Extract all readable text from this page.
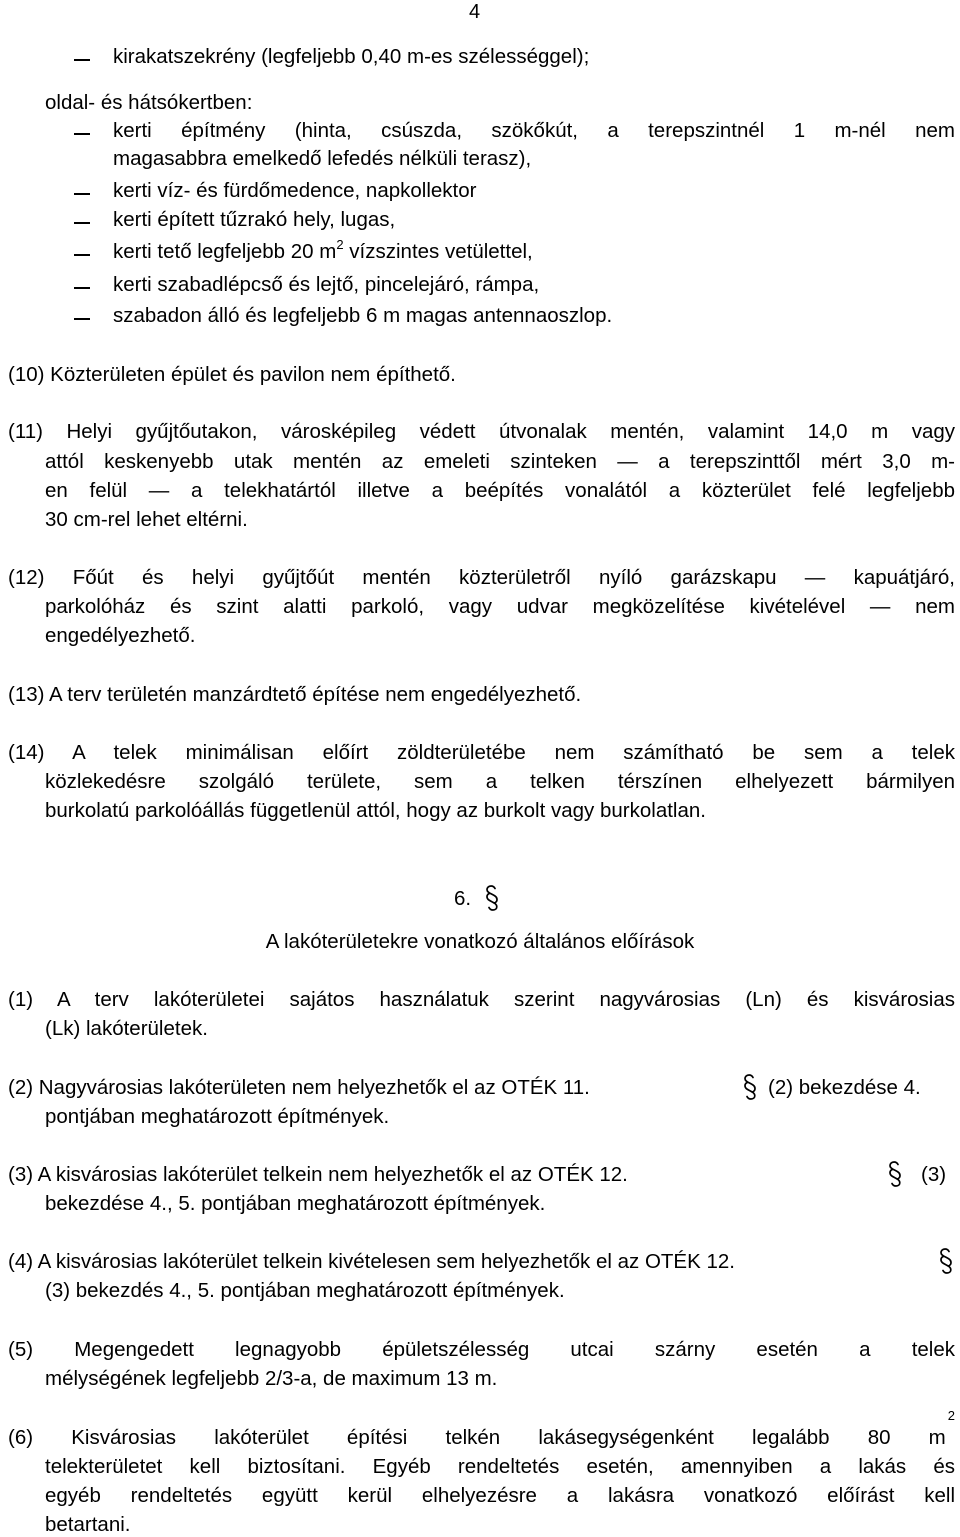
4
kirakatszekrény (legfeljebb 0,40 m-es szélességgel);
oldal- és hátsókertben:
kerti építmény (hinta, csúszda, szökőkút, a terepszintnél 1 m-nél nem
magasabbra emelkedő lefedés nélküli terasz),
kerti víz- és fürdőmedence, napkollektor
kerti épített tűzrakó hely, lugas,
kerti tető legfeljebb 20 $m^2$ vízszintes vetülettel,
kerti szabadlépcső és lejtő, pincelejáró, rámpa,
szabadon álló és legfeljebb 6 m magas antennaoszlop.
(10) Közterületen épület és pavilon nem építhető.
(11) Helyi gyűjtőutakon, városképileg védett útvonalak mentén, valamint 14,0 m vagy
attól keskenyebb utak mentén az emeleti szinteken — a terepszinttől mért 3,0 m-
en felül — a telekhatártól illetve a beépítés vonalától a közterület felé legfeljebb
30 cm-rel lehet eltérni.
(12) Főút és helyi gyűjtőút mentén közterületről nyíló garázskapu — kapuátjáró,
parkolóház és szint alatti parkoló, vagy udvar megközelítése kivételével — nem
engedélyezhető.
(13) A terv területén manzárdtető építése nem engedélyezhető.
(14) A telek minimálisan előírt zöldterületébe nem számítható be sem a telek
közlekedésre szolgáló területe, sem a telken térszínen elhelyezett bármilyen
burkolatú parkolóállás függetlenül attól, hogy az burkolt vagy burkolatlan.
6.
A lakóterületekre vonatkozó általános előírások
(1) A terv lakóterületei sajátos használatuk szerint nagyvárosias (Ln) és kisvárosias
(Lk) lakóterületek.
(2) Nagyvárosias lakóterületen nem helyezhetők el az OTÉK 11.	(2) bekezdése 4.
pontjában meghatározott építmények.
(3) A kisvárosias lakóterület telkein nem helyezhetők el az OTÉK 12.	(3)
bekezdése 4., 5. pontjában meghatározott építmények.
(4) A kisvárosias lakóterület telkein kivételesen sem helyezhetők el az OTÉK 12.
(3) bekezdés 4., 5. pontjában meghatározott építmények.
(5) Megengedett legnagyobb épületszélesség utcai szárny esetén a telek
mélységének legfeljebb 2/3-a, de maximum 13 m.
(6) Kisvárosias lakóterület építési telkén lakásegységenként legalább 80 m
$^2$
telekterületet kell biztosítani. Egyéb rendeltetés esetén, amennyiben a lakás és
egyéb rendeltetés együtt kerül elhelyezésre a lakásra vonatkozó előírást kell
betartani.
